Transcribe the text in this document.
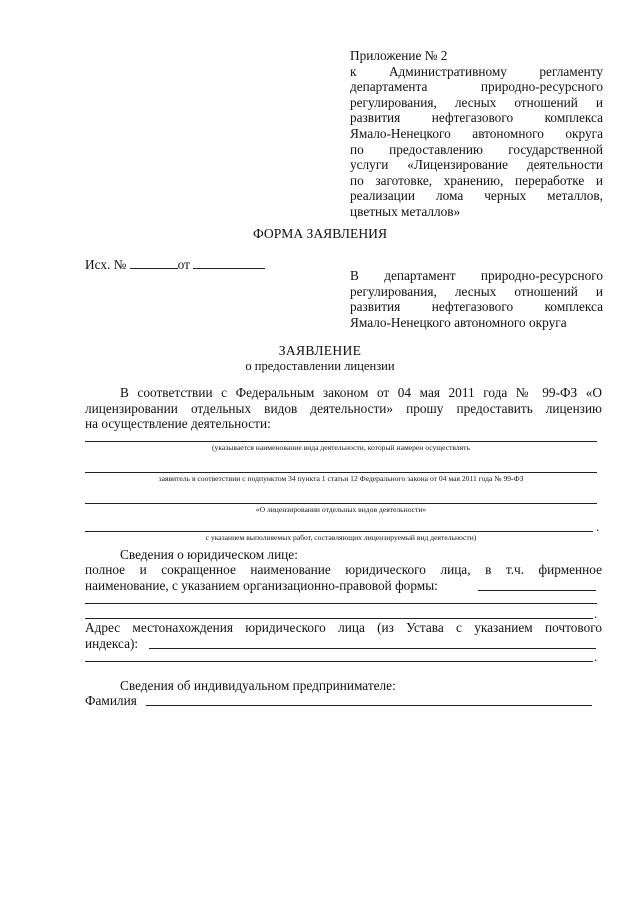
Приложение № 2
к Административному регламенту
департамента природно-ресурсного
регулирования, лесных отношений и
развития нефтегазового комплекса
Ямало-Ненецкого автономного округа
по предоставлению государственной
услуги «Лицензирование деятельности
по заготовке, хранению, переработке и
реализации лома черных металлов,
цветных металлов»
ФОРМА ЗАЯВЛЕНИЯ
Исх. №	от
В департамент природно-ресурсного
регулирования, лесных отношений и
развития нефтегазового комплекса
Ямало-Ненецкого автономного округа
ЗАЯВЛЕНИЕ
о предоставлении лицензии
В соответствии с Федеральным законом от 04 мая 2011 года № 99-ФЗ «О
лицензировании отдельных видов деятельности» прошу предоставить лицензию
на осуществление деятельности:
(указывается наименование вида деятельности, который намерен осуществлять
заявитель в соответствии с подпунктом 34 пункта 1 статьи 12 Федерального закона от 04 мая 2011 года № 99-ФЗ
«О лицензировании отдельных видов деятельности»
.
с указанием выполняемых работ, составляющих лицензируемый вид деятельности)
Сведения о юридическом лице:
полное и сокращенное наименование юридического лица, в т.ч. фирменное
наименование, с указанием организационно-правовой формы:
.
Адрес местонахождения юридического лица (из Устава с указанием почтового
индекса):
.
Сведения об индивидуальном предпринимателе:
Фамилия
